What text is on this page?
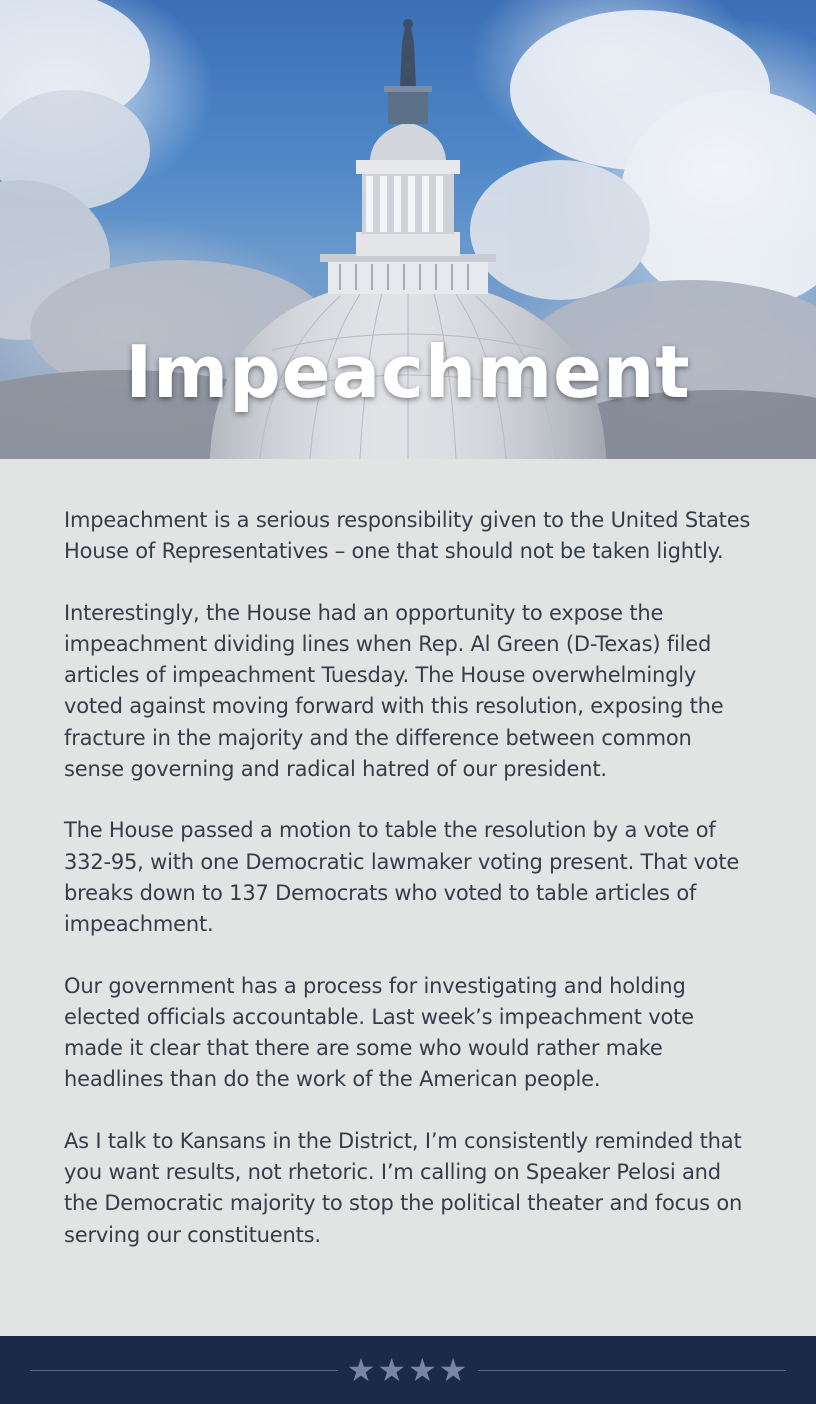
Impeachment

Impeachment is a serious responsibility given to the United States House of Representatives – one that should not be taken lightly.

Interestingly, the House had an opportunity to expose the impeachment dividing lines when Rep. Al Green (D-Texas) filed articles of impeachment Tuesday. The House overwhelmingly voted against moving forward with this resolution, exposing the fracture in the majority and the difference between common sense governing and radical hatred of our president.

The House passed a motion to table the resolution by a vote of 332-95, with one Democratic lawmaker voting present. That vote breaks down to 137 Democrats who voted to table articles of impeachment.

Our government has a process for investigating and holding elected officials accountable. Last week’s impeachment vote made it clear that there are some who would rather make headlines than do the work of the American people.

As I talk to Kansans in the District, I’m consistently reminded that you want results, not rhetoric. I’m calling on Speaker Pelosi and the Democratic majority to stop the political theater and focus on serving our constituents.

★★★★
